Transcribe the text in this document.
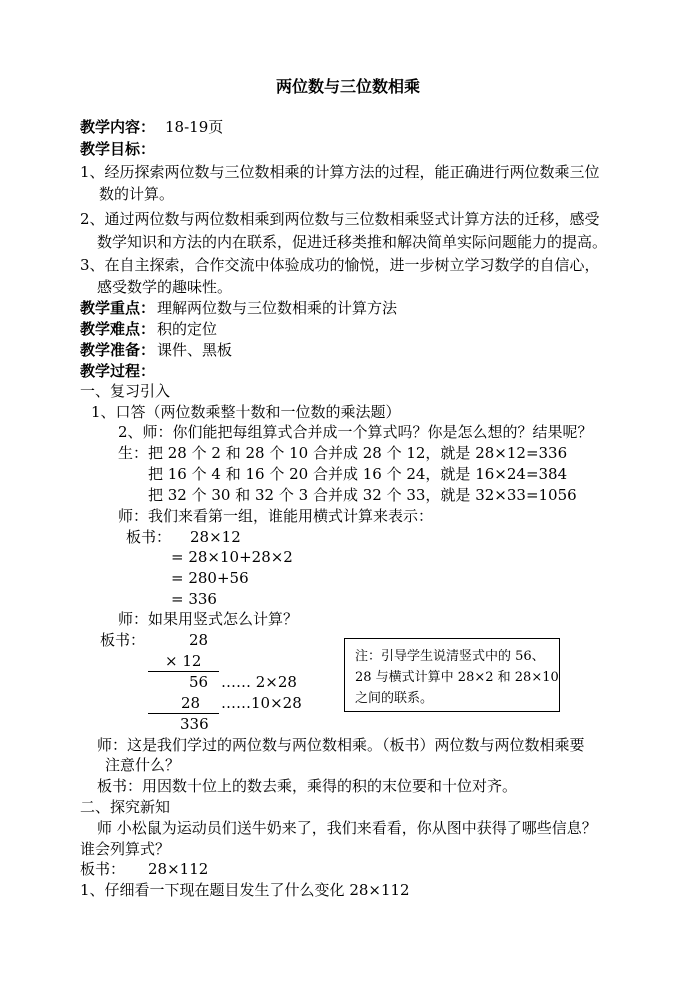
两位数与三位数相乘
教学内容： 18-19页
教学目标：
1、经历探索两位数与三位数相乘的计算方法的过程，能正确进行两位数乘三位
数的计算。
2、通过两位数与两位数相乘到两位数与三位数相乘竖式计算方法的迁移，感受
数学知识和方法的内在联系，促进迁移类推和解决简单实际问题能力的提高。
3、在自主探索，合作交流中体验成功的愉悦，进一步树立学习数学的自信心，
感受数学的趣味性。
教学重点： 理解两位数与三位数相乘的计算方法
教学难点： 积的定位
教学准备： 课件、黑板
教学过程：
一、复习引入
1、口答（两位数乘整十数和一位数的乘法题）
2、师：你们能把每组算式合并成一个算式吗？你是怎么想的？结果呢？
生：把 28 个 2 和 28 个 10 合并成 28 个 12，就是 28×12=336
把 16 个 4 和 16 个 20 合并成 16 个 24，就是 16×24=384
把 32 个 30 和 32 个 3 合并成 32 个 33，就是 32×33=1056
师：我们来看第一组，谁能用横式计算来表示：
板书： 28×12
= 28×10+28×2
= 280+56
= 336
师：如果用竖式怎么计算？
板书：	28
× 12
56 …… 2×28
28 ……10×28
336
注：引导学生说清竖式中的 56、
28 与横式计算中 28×2 和 28×10
之间的联系。
师：这是我们学过的两位数与两位数相乘。（板书）两位数与两位数相乘要
注意什么？
板书：用因数十位上的数去乘，乘得的积的末位要和十位对齐。
二、探究新知
师 小松鼠为运动员们送牛奶来了，我们来看看，你从图中获得了哪些信息？
谁会列算式？
板书： 28×112
1、仔细看一下现在题目发生了什么变化 28×112
